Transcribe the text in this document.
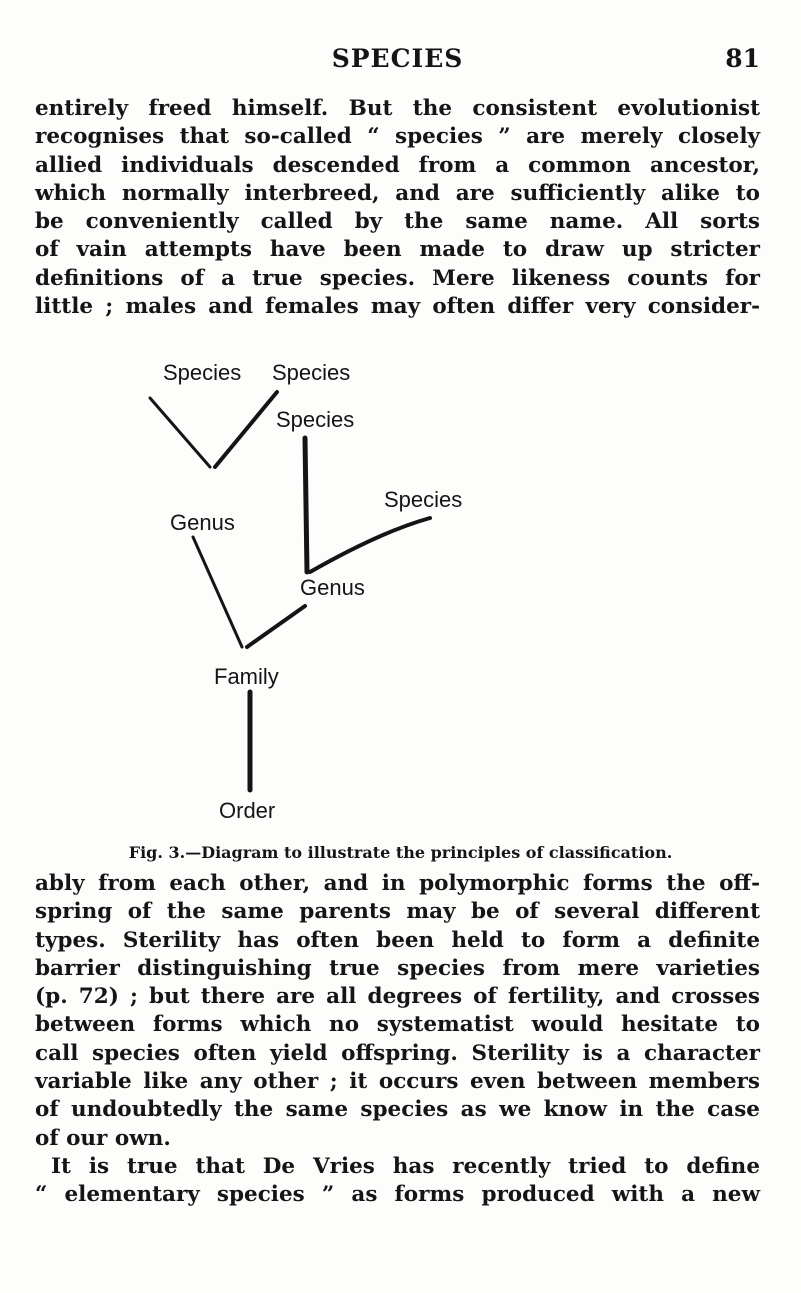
SPECIES	81
entirely freed himself. But the consistent evolutionist
recognises that so-called “ species ” are merely closely
allied individuals descended from a common ancestor,
which normally interbreed, and are sufficiently alike to
be conveniently called by the same name. All sorts
of vain attempts have been made to draw up stricter
definitions of a true species. Mere likeness counts for
little ; males and females may often differ very consider-
Species Species
Species
Species
Genus
Genus
Family
Order
Fig. 3.—Diagram to illustrate the principles of classification.
ably from each other, and in polymorphic forms the off-
spring of the same parents may be of several different
types. Sterility has often been held to form a definite
barrier distinguishing true species from mere varieties
(p. 72) ; but there are all degrees of fertility, and crosses
between forms which no systematist would hesitate to
call species often yield offspring. Sterility is a character
variable like any other ; it occurs even between members
of undoubtedly the same species as we know in the case
of our own.
It is true that De Vries has recently tried to define
“ elementary species ” as forms produced with a new
